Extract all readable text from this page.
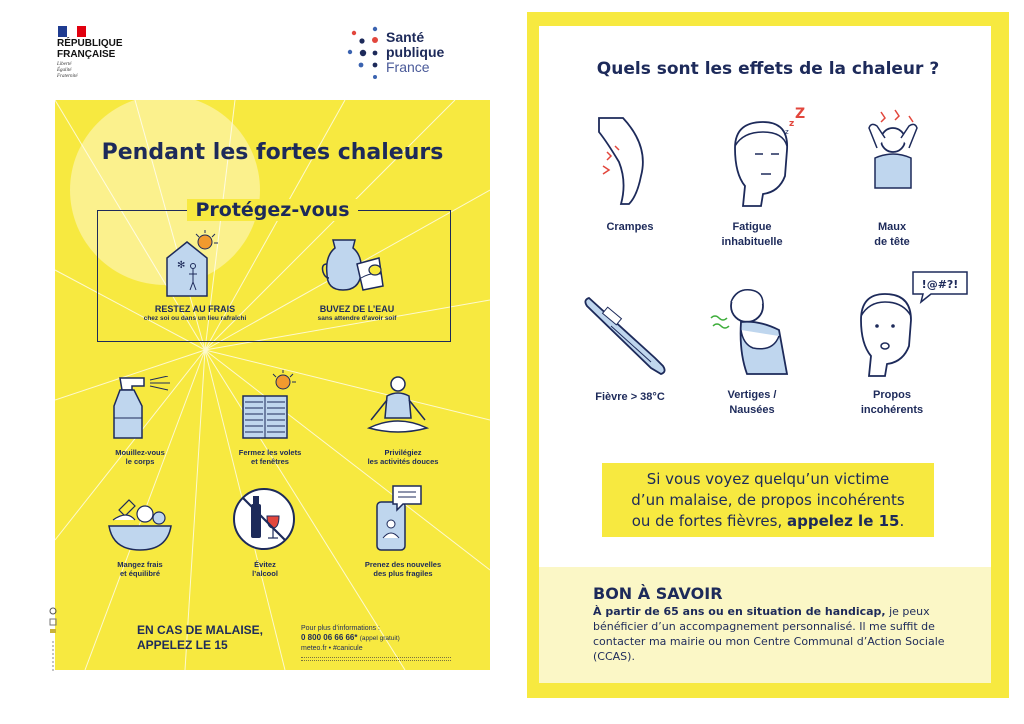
RÉPUBLIQUE
FRANÇAISE
Liberté
Égalité
Fraternité
Santé
publique
France
Pendant les fortes chaleurs
Protégez-vous
✻
RESTEZ AU FRAIS
chez soi ou dans un lieu rafraîchi
BUVEZ DE L’EAU
sans attendre d’avoir soif
Mouillez-vous
le corps
Fermez les volets
et fenêtres
Privilégiez
les activités douces
Mangez frais
et équilibré
Évitez
l’alcool
Prenez des nouvelles
des plus fragiles
EN CAS DE MALAISE,
APPELEZ LE 15
Pour plus d’informations :
0 800 06 66 66* (appel gratuit)
meteo.fr • #canicule
Quels sont les effets de la chaleur ?
Crampes
Z
z
z
Fatigue
inhabituelle
Maux
de tête
Fièvre > 38°C	Vertiges /
Nausées
!@#?!
Propos
incohérents
Si vous voyez quelqu’un victime
d’un malaise, de propos incohérents
ou de fortes fièvres, appelez le 15.
BON À SAVOIR
À partir de 65 ans ou en situation de handicap, je peux bénéficier d’un accompagnement personnalisé. Il me suffit de contacter ma mairie ou mon Centre Communal d’Action Sociale (CCAS).
